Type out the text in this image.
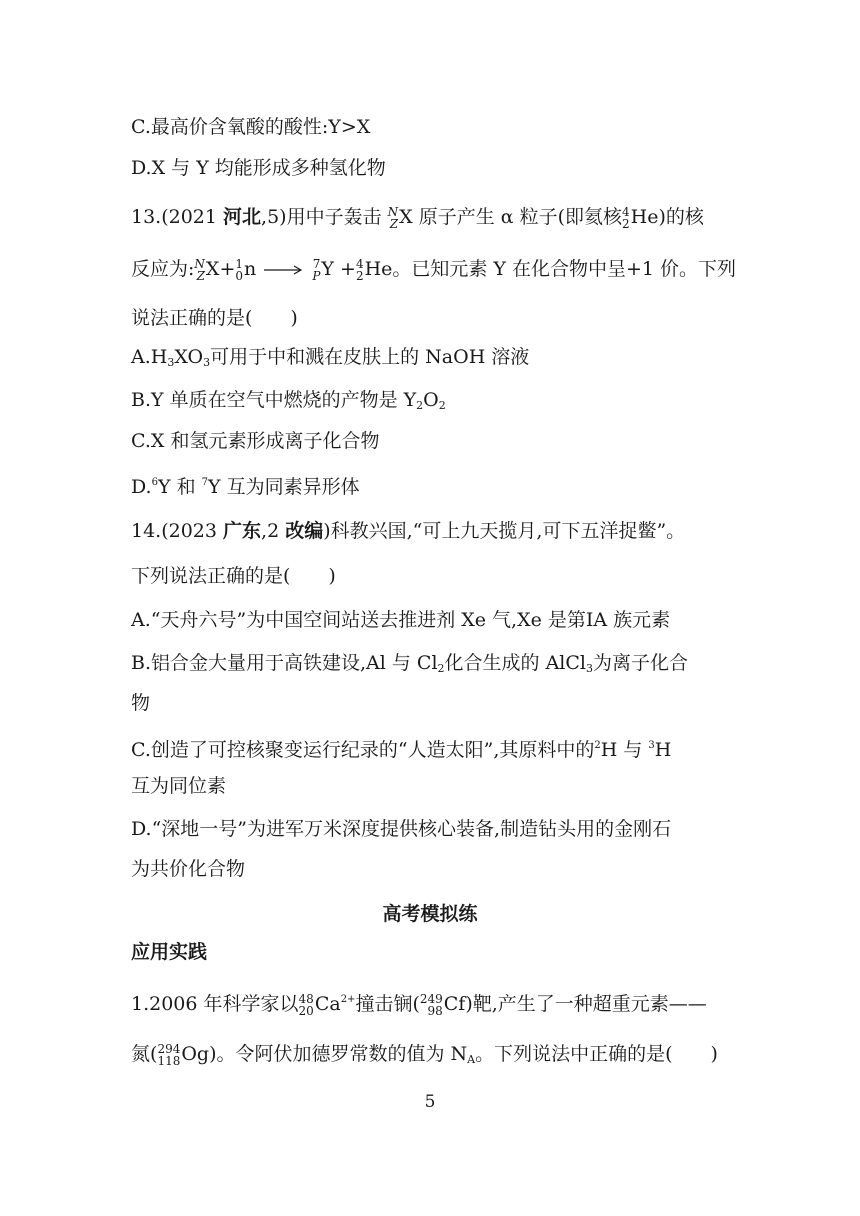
C.最高价含氧酸的酸性:Y>X
D.X 与 Y 均能形成多种氢化物
13.(2021 河北,5)用中子轰击 N
Z X 原子产生 α 粒子(即氦核 4
2 He)的核
反应为: N
Z X+ 1
0 n → 7
P Y + 4
2 He。已知元素 Y 在化合物中呈+1 价。下列
说法正确的是(　　)
$A.H_3XO_3$可用于中和溅在皮肤上的 NaOH 溶液
B.Y 单质在空气中燃烧的产物是 $Y_2O_2$
C.X 和氢元素形成离子化合物
D.$^6$Y 和 $^7$Y 互为同素异形体
14.(2023 广东,2 改编)科教兴国,“可上九天揽月,可下五洋捉鳖”。
下列说法正确的是(　　)
A.“天舟六号”为中国空间站送去推进剂 Xe 气,Xe 是第ⅠA 族元素
B.铝合金大量用于高铁建设,Al 与 $Cl_2$化合生成的 AlCl$_3$为离子化合
物
C.创造了可控核聚变运行纪录的“人造太阳”,其原料中的$^2$H 与 $^3$H
互为同位素
D.“深地一号”为进军万米深度提供核心装备,制造钻头用的金刚石
为共价化合物
高考模拟练
应用实践
1.2006 年科学家以 48
20 $Ca^{2+}$撞击锎( 249
98 Cf)靶,产生了一种超重元素——
氮( 294
118 Og)。令阿伏加德罗常数的值为 $N_A$。下列说法中正确的是(　　)
5
